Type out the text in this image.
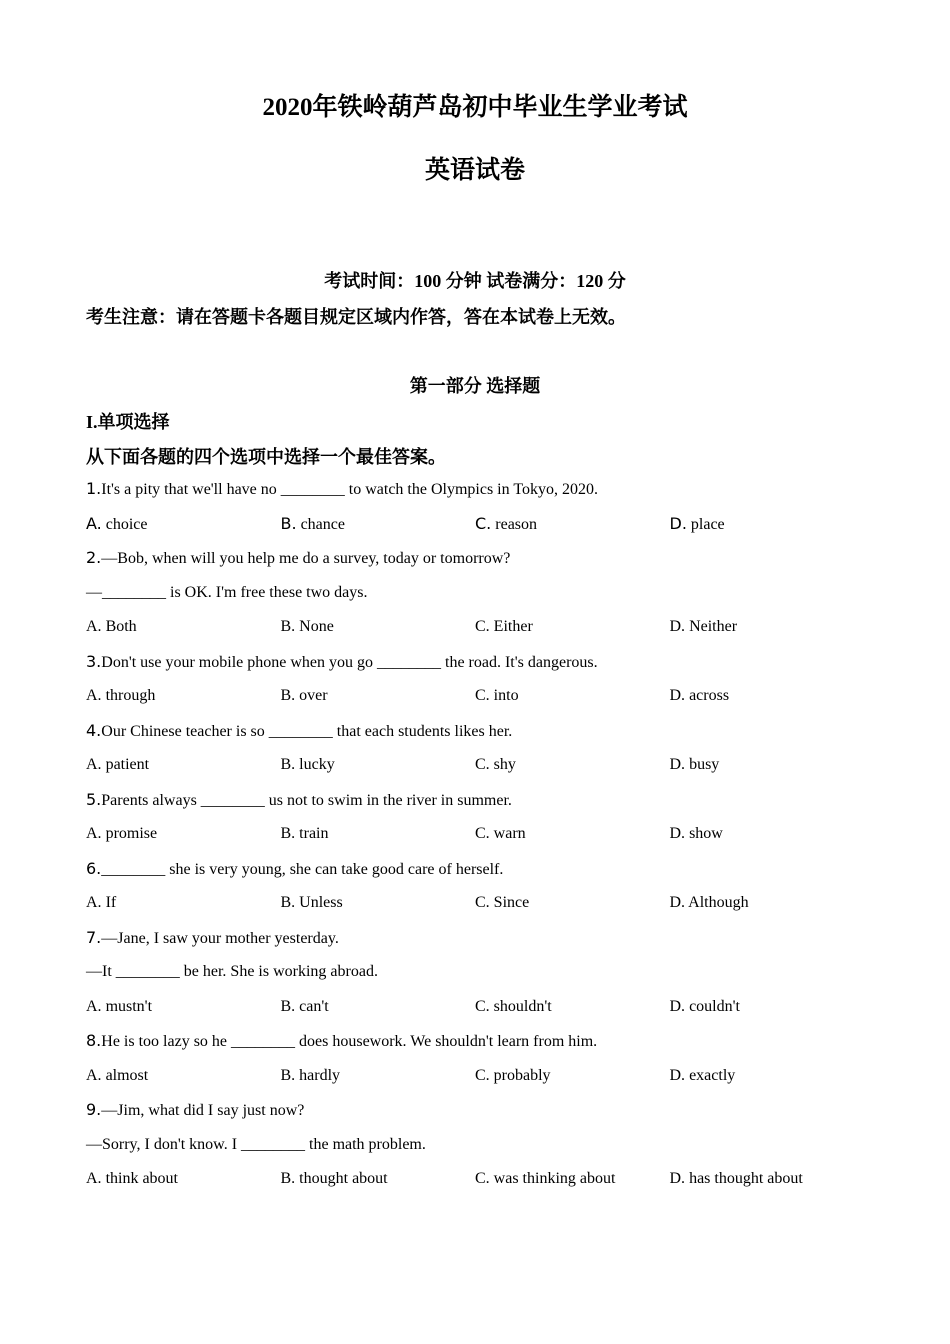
2020年铁岭葫芦岛初中毕业生学业考试
英语试卷
考试时间：100 分钟 试卷满分：120 分
考生注意：请在答题卡各题目规定区域内作答，答在本试卷上无效。
第一部分 选择题
I.单项选择
从下面各题的四个选项中选择一个最佳答案。
1.It's a pity that we'll have no ________ to watch the Olympics in Tokyo, 2020.
A. choice	B. chance	C. reason	D. place
2.—Bob, when will you help me do a survey, today or tomorrow?
—________ is OK. I'm free these two days.
A. Both	B. None	C. Either	D. Neither
3.Don't use your mobile phone when you go ________ the road. It's dangerous.
A. through	B. over	C. into	D. across
4.Our Chinese teacher is so ________ that each students likes her.
A. patient	B. lucky	C. shy	D. busy
5.Parents always ________ us not to swim in the river in summer.
A. promise	B. train	C. warn	D. show
6.________ she is very young, she can take good care of herself.
A. If	B. Unless	C. Since	D. Although
7.—Jane, I saw your mother yesterday.
—It ________ be her. She is working abroad.
A. mustn't	B. can't	C. shouldn't	D. couldn't
8.He is too lazy so he ________ does housework. We shouldn't learn from him.
A. almost	B. hardly	C. probably	D. exactly
9.—Jim, what did I say just now?
—Sorry, I don't know. I ________ the math problem.
A. think about	B. thought about	C. was thinking about	D. has thought about
